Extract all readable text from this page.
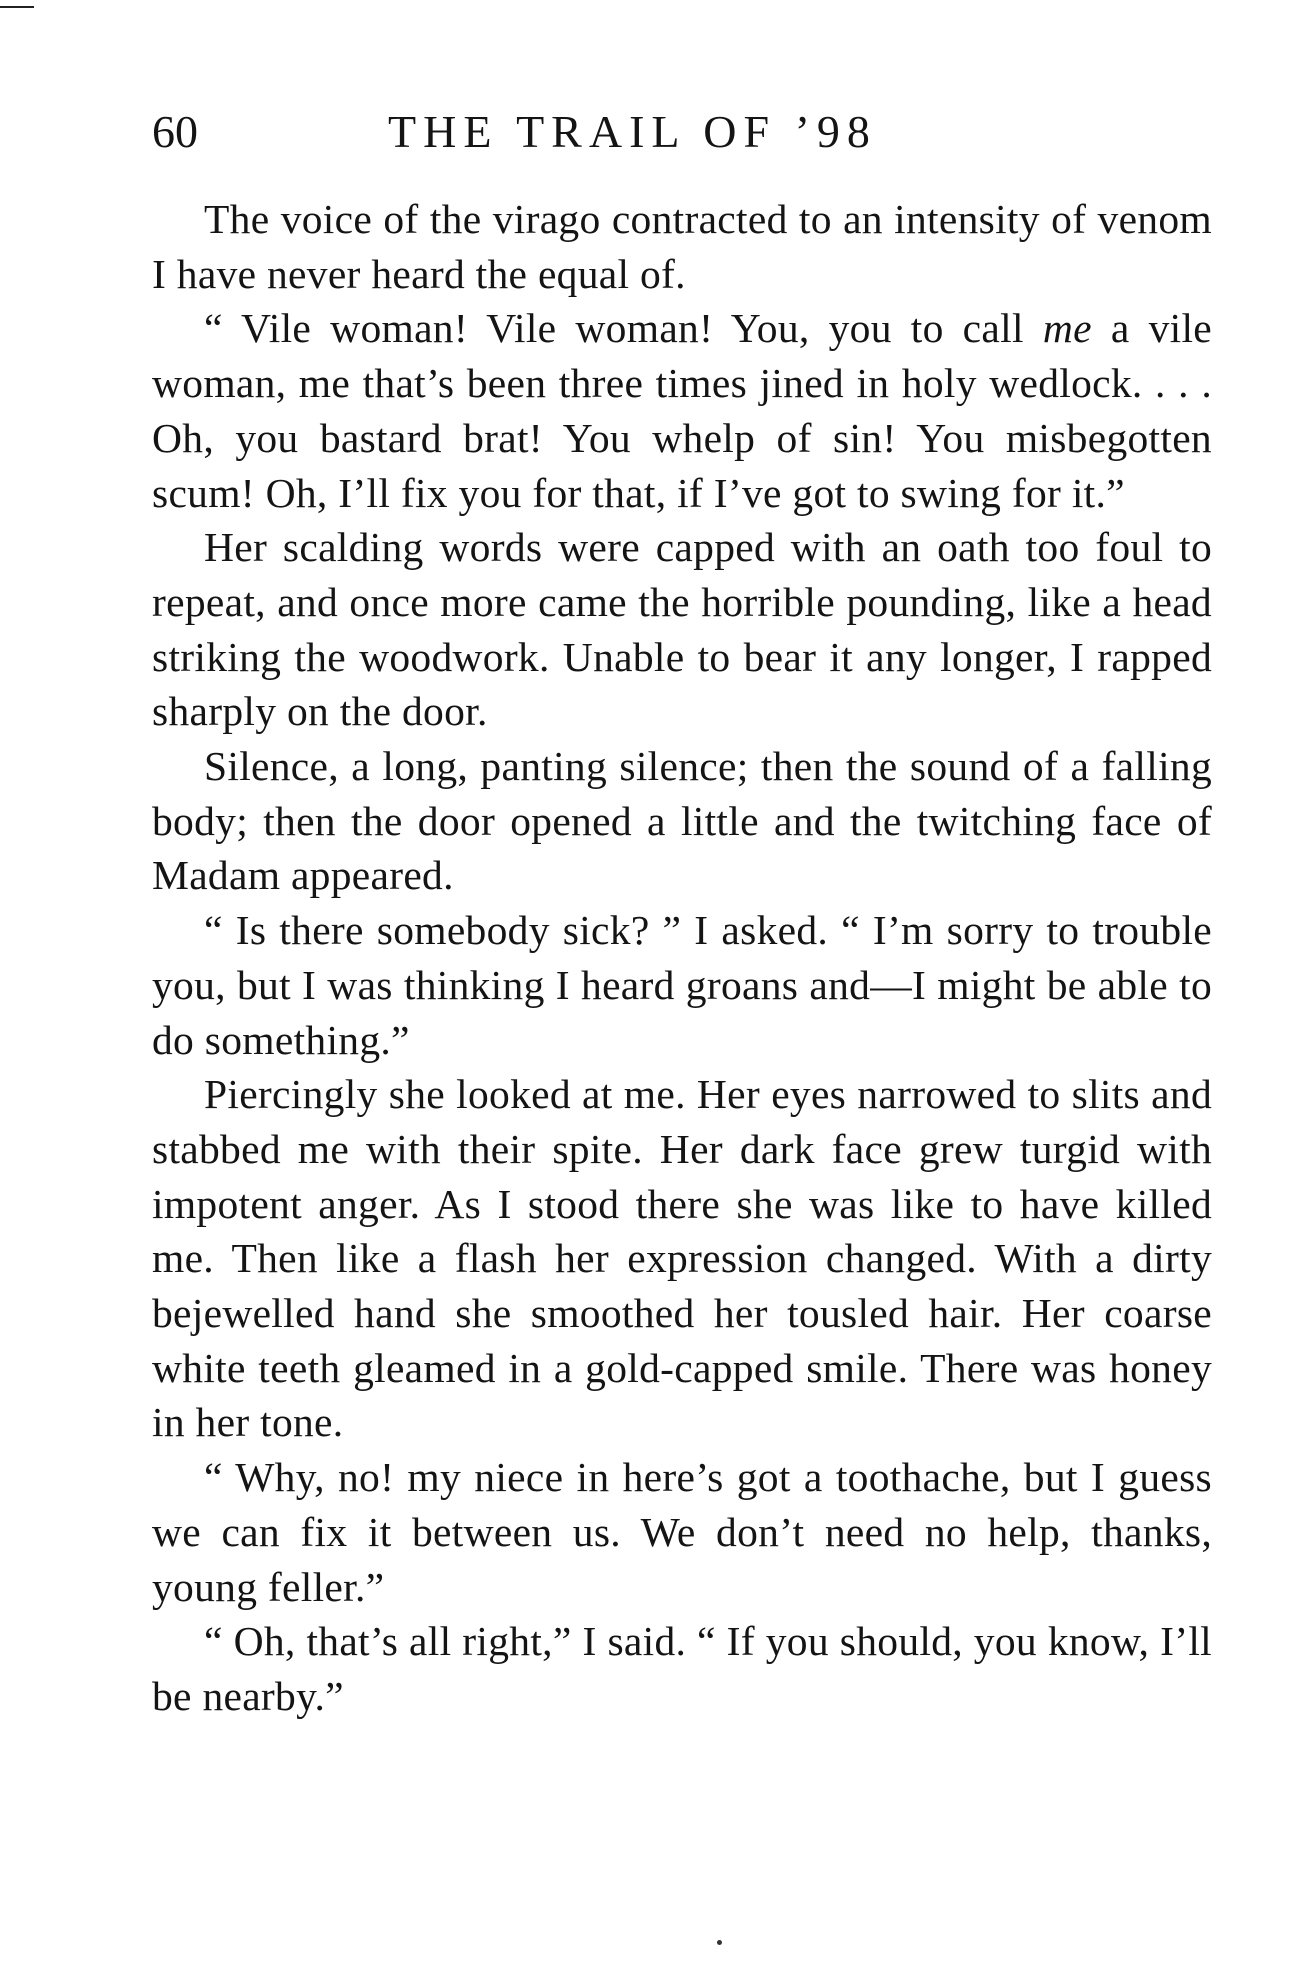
60	THE TRAIL OF ’98

The voice of the virago contracted to an intensity of venom I have never heard the equal of.

“ Vile woman! Vile woman! You, you to call me a vile woman, me that’s been three times jined in holy wedlock. . . . Oh, you bastard brat! You whelp of sin! You misbegotten scum! Oh, I’ll fix you for that, if I’ve got to swing for it.”

Her scalding words were capped with an oath too foul to repeat, and once more came the horrible pounding, like a head striking the woodwork. Unable to bear it any longer, I rapped sharply on the door.

Silence, a long, panting silence; then the sound of a falling body; then the door opened a little and the twitching face of Madam appeared.

“ Is there somebody sick? ” I asked. “ I’m sorry to trouble you, but I was thinking I heard groans and—I might be able to do something.”

Piercingly she looked at me. Her eyes narrowed to slits and stabbed me with their spite. Her dark face grew turgid with impotent anger. As I stood there she was like to have killed me. Then like a flash her expression changed. With a dirty bejewelled hand she smoothed her tousled hair. Her coarse white teeth gleamed in a gold-capped smile. There was honey in her tone.

“ Why, no! my niece in here’s got a toothache, but I guess we can fix it between us. We don’t need no help, thanks, young feller.”

“ Oh, that’s all right,” I said. “ If you should, you know, I’ll be nearby.”
